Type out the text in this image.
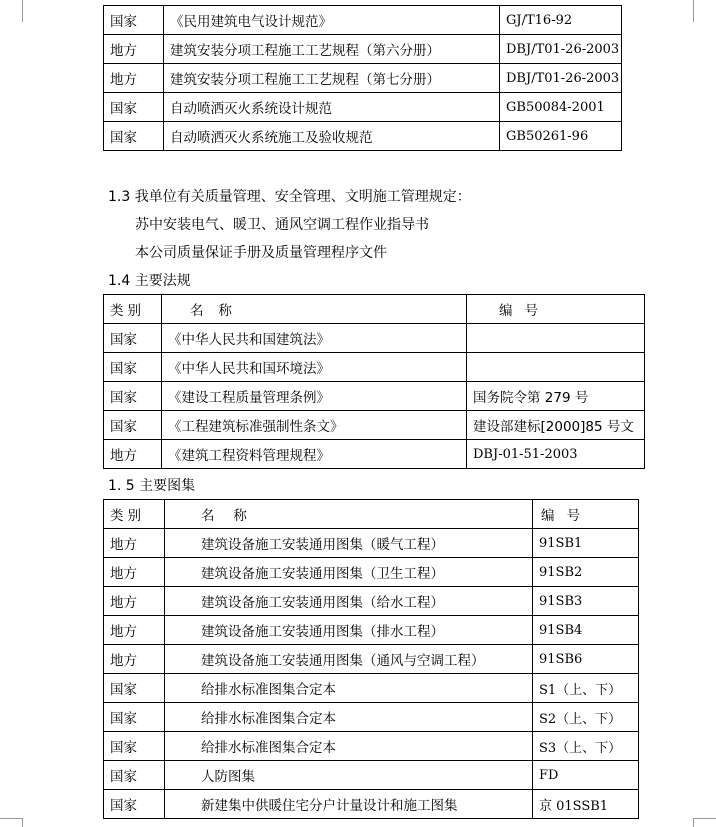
国家	《民用建筑电气设计规范》	GJ/T16-92
地方	建筑安装分项工程施工工艺规程（第六分册）	DBJ/T01-26-2003
地方	建筑安装分项工程施工工艺规程（第七分册）	DBJ/T01-26-2003
国家	自动喷洒灭火系统设计规范	GB50084-2001
国家	自动喷洒灭火系统施工及验收规范	GB50261-96
1.3 我单位有关质量管理、安全管理、文明施工管理规定：
苏中安装电气、暖卫、通风空调工程作业指导书
本公司质量保证手册及质量管理程序文件
1.4 主要法规
类别	名称	编号
国家	《中华人民共和国建筑法》	
国家	《中华人民共和国环境法》	
国家	《建设工程质量管理条例》	国务院令第 279 号
国家	《工程建筑标准强制性条文》	建设部建标[2000]85 号文
地方	《建筑工程资料管理规程》	DBJ-01-51-2003
1. 5 主要图集
类别	名称	编号
地方	建筑设备施工安装通用图集（暖气工程）	91SB1
地方	建筑设备施工安装通用图集（卫生工程）	91SB2
地方	建筑设备施工安装通用图集（给水工程）	91SB3
地方	建筑设备施工安装通用图集（排水工程）	91SB4
地方	建筑设备施工安装通用图集（通风与空调工程）	91SB6
国家	给排水标准图集合定本	S1（上、下）
国家	给排水标准图集合定本	S2（上、下）
国家	给排水标准图集合定本	S3（上、下）
国家	人防图集	FD
国家	新建集中供暖住宅分户计量设计和施工图集	京 01SSB1
